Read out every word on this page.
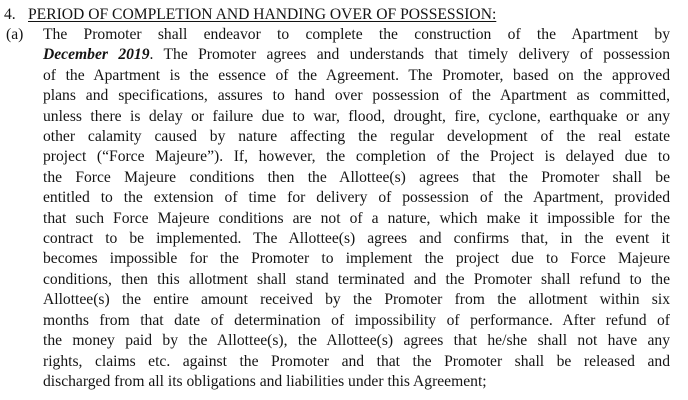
4. PERIOD OF COMPLETION AND HANDING OVER OF POSSESSION:
(a)	The Promoter shall endeavor to complete the construction of the Apartment by
December 2019. The Promoter agrees and understands that timely delivery of possession
of the Apartment is the essence of the Agreement. The Promoter, based on the approved
plans and specifications, assures to hand over possession of the Apartment as committed,
unless there is delay or failure due to war, flood, drought, fire, cyclone, earthquake or any
other calamity caused by nature affecting the regular development of the real estate
project (“Force Majeure”). If, however, the completion of the Project is delayed due to
the Force Majeure conditions then the Allottee(s) agrees that the Promoter shall be
entitled to the extension of time for delivery of possession of the Apartment, provided
that such Force Majeure conditions are not of a nature, which make it impossible for the
contract to be implemented. The Allottee(s) agrees and confirms that, in the event it
becomes impossible for the Promoter to implement the project due to Force Majeure
conditions, then this allotment shall stand terminated and the Promoter shall refund to the
Allottee(s) the entire amount received by the Promoter from the allotment within six
months from that date of determination of impossibility of performance. After refund of
the money paid by the Allottee(s), the Allottee(s) agrees that he/she shall not have any
rights, claims etc. against the Promoter and that the Promoter shall be released and
discharged from all its obligations and liabilities under this Agreement;
